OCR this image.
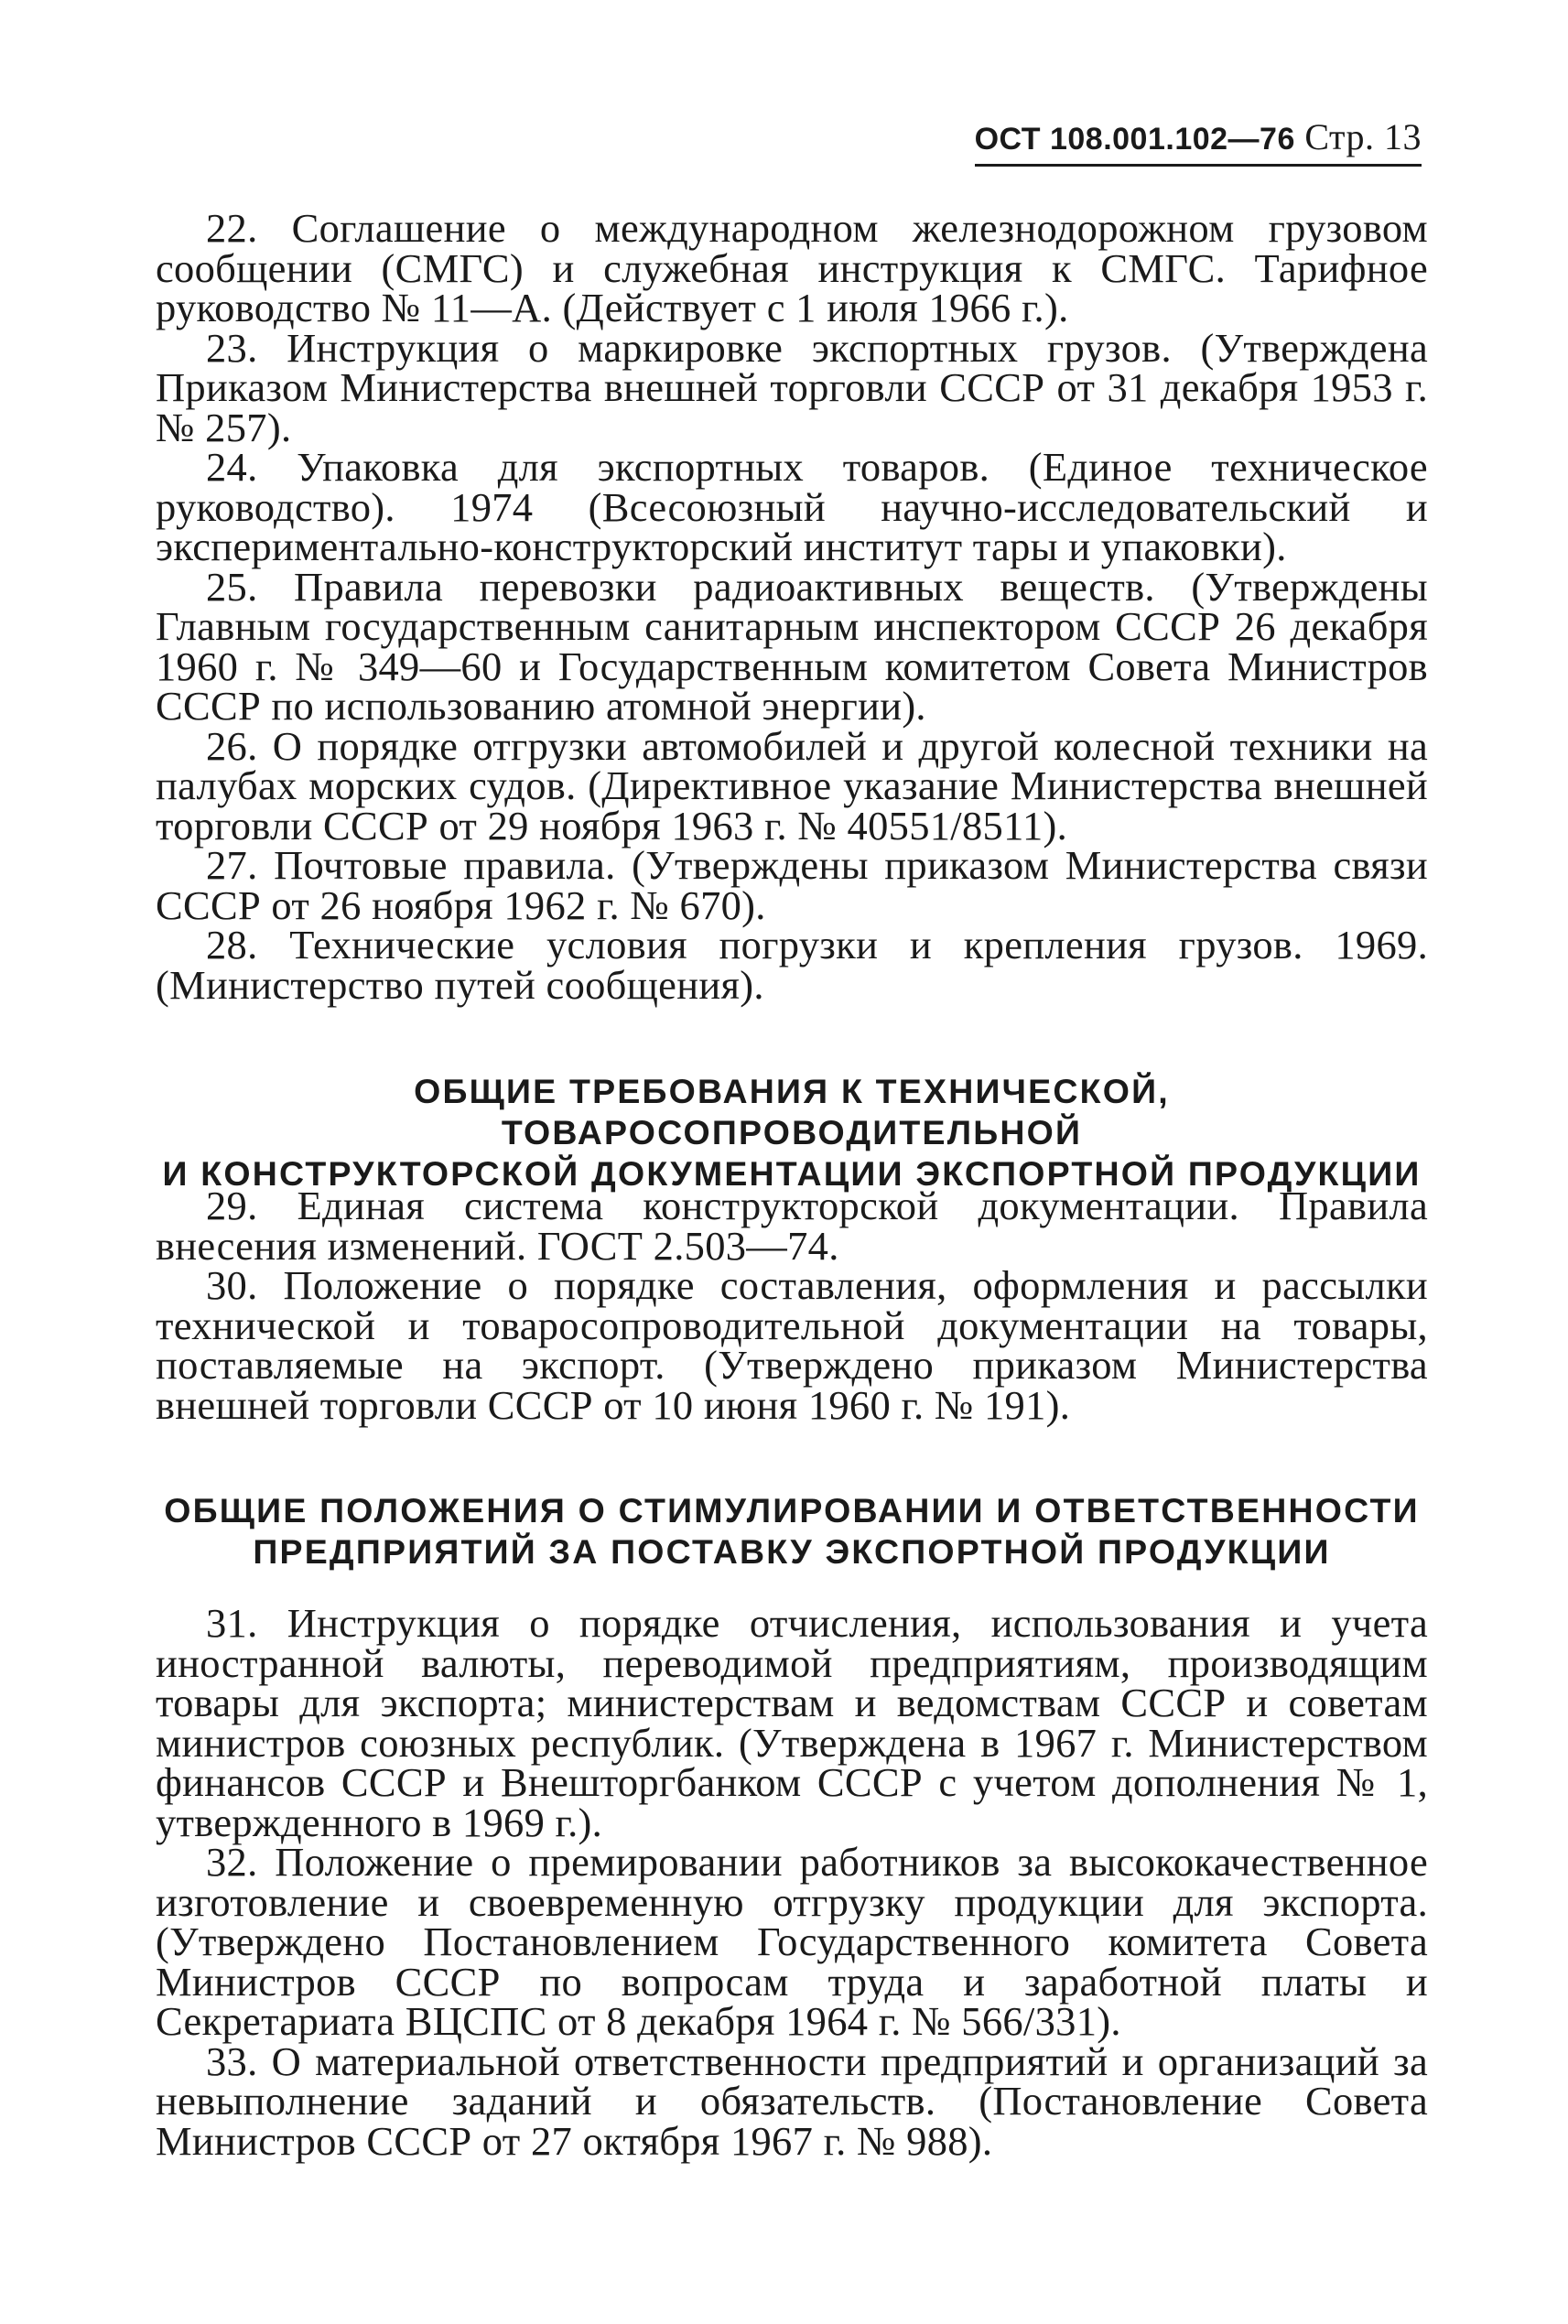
ОСТ 108.001.102—76 Стр. 13

22. Соглашение о международном железнодорожном грузовом сообщении (СМГС) и служебная инструкция к СМГС. Тарифное руководство № 11—А. (Действует с 1 июля 1966 г.).

23. Инструкция о маркировке экспортных грузов. (Утверждена Приказом Министерства внешней торговли СССР от 31 декабря 1953 г. № 257).

24. Упаковка для экспортных товаров. (Единое техническое руководство). 1974 (Всесоюзный научно-исследовательский и экспериментально-конструкторский институт тары и упаковки).

25. Правила перевозки радиоактивных веществ. (Утверждены Главным государственным санитарным инспектором СССР 26 декабря 1960 г. № 349—60 и Государственным комитетом Совета Министров СССР по использованию атомной энергии).

26. О порядке отгрузки автомобилей и другой колесной техники на палубах морских судов. (Директивное указание Министерства внешней торговли СССР от 29 ноября 1963 г. № 40551/8511).

27. Почтовые правила. (Утверждены приказом Министерства связи СССР от 26 ноября 1962 г. № 670).

28. Технические условия погрузки и крепления грузов. 1969. (Министерство путей сообщения).

ОБЩИЕ ТРЕБОВАНИЯ К ТЕХНИЧЕСКОЙ, ТОВАРОСОПРОВОДИТЕЛЬНОЙ
И КОНСТРУКТОРСКОЙ ДОКУМЕНТАЦИИ ЭКСПОРТНОЙ ПРОДУКЦИИ

29. Единая система конструкторской документации. Правила внесения изменений. ГОСТ 2.503—74.

30. Положение о порядке составления, оформления и рассылки технической и товаросопроводительной документации на товары, поставляемые на экспорт. (Утверждено приказом Министерства внешней торговли СССР от 10 июня 1960 г. № 191).

ОБЩИЕ ПОЛОЖЕНИЯ О СТИМУЛИРОВАНИИ И ОТВЕТСТВЕННОСТИ
ПРЕДПРИЯТИЙ ЗА ПОСТАВКУ ЭКСПОРТНОЙ ПРОДУКЦИИ

31. Инструкция о порядке отчисления, использования и учета иностранной валюты, переводимой предприятиям, производящим товары для экспорта; министерствам и ведомствам СССР и советам министров союзных республик. (Утверждена в 1967 г. Министерством финансов СССР и Внешторгбанком СССР с учетом дополнения № 1, утвержденного в 1969 г.).

32. Положение о премировании работников за высококачественное изготовление и своевременную отгрузку продукции для экспорта. (Утверждено Постановлением Государственного комитета Совета Министров СССР по вопросам труда и заработной платы и Секретариата ВЦСПС от 8 декабря 1964 г. № 566/331).

33. О материальной ответственности предприятий и организаций за невыполнение заданий и обязательств. (Постановление Совета Министров СССР от 27 октября 1967 г. № 988).
